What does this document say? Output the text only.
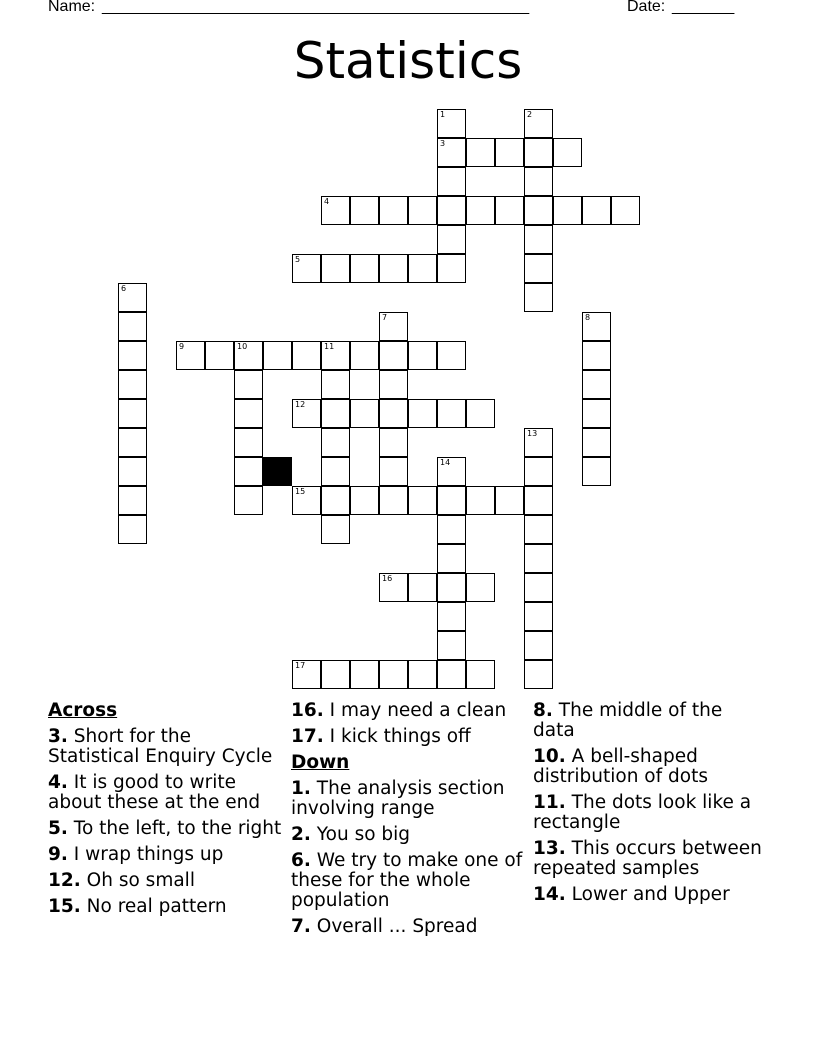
Name: ________________________________________________	Date: _______
Statistics
1
3
2
4
5
6
7	8
9	10	11
12
13
14
15
16
17
Across
3. Short for the Statistical Enquiry Cycle
4. It is good to write about these at the end
5. To the left, to the right
9. I wrap things up
12. Oh so small
15. No real pattern
16. I may need a clean
17. I kick things off
Down
1. The analysis section involving range
2. You so big
6. We try to make one of these for the whole population
7. Overall ... Spread
8. The middle of the data
10. A bell-shaped distribution of dots
11. The dots look like a rectangle
13. This occurs between repeated samples
14. Lower and Upper
